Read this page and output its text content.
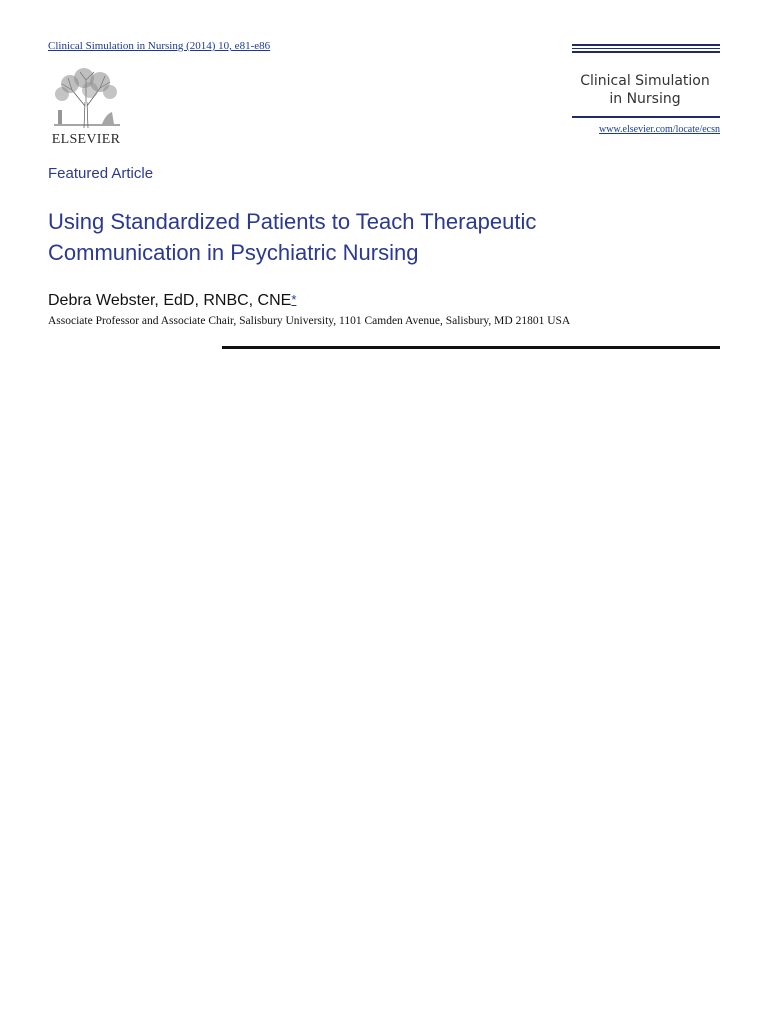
Clinical Simulation in Nursing (2014) 10, e81-e86
ELSEVIER
Clinical Simulation
in Nursing
www.elsevier.com/locate/ecsn
Featured Article
Using Standardized Patients to Teach Therapeutic Communication in Psychiatric Nursing
Debra Webster, EdD, RNBC, CNE*
Associate Professor and Associate Chair, Salisbury University, 1101 Camden Avenue, Salisbury, MD 21801 USA
